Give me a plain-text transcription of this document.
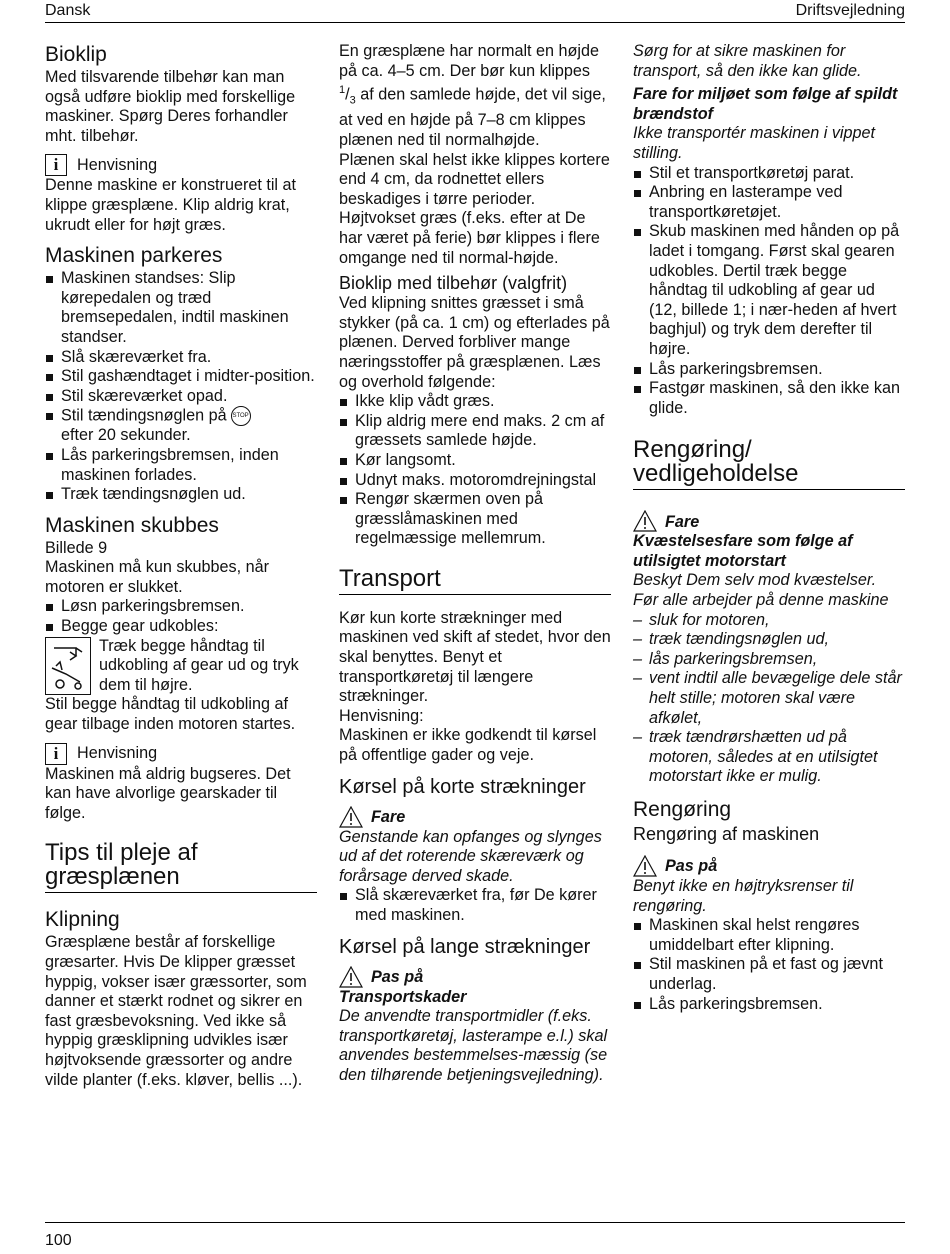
Dansk	Driftsvejledning
Bioklip

Med tilsvarende tilbehør kan man også udføre bioklip med forskellige maskiner. Spørg Deres forhandler mht. tilbehør.

i	Henvisning

Denne maskine er konstrueret til at klippe græsplæne. Klip aldrig krat, ukrudt eller for højt græs.

Maskinen parkeres
Maskinen standses: Slip kørepedalen og træd bremsepedalen, indtil maskinen standser.
Slå skæreværket fra.
Stil gashændtaget i midter-position.
Stil skæreværket opad.
Stil tændingsnøglen på STOP
efter 20 sekunder.
Lås parkeringsbremsen, inden maskinen forlades.
Træk tændingsnøglen ud.
Maskinen skubbes

Billede 9

Maskinen må kun skubbes, når motoren er slukket.

Løsn parkeringsbremsen.
Begge gear udkobles:

Træk begge håndtag til udkobling af gear ud og tryk dem til højre.

Stil begge håndtag til udkobling af gear tilbage inden motoren startes.

i	Henvisning

Maskinen må aldrig bugseres. Det kan have alvorlige gearskader til følge.

Tips til pleje af græsplænen
Klipning

Græsplæne består af forskellige græsarter. Hvis De klipper græsset hyppig, vokser især græssorter, som danner et stærkt rodnet og sikrer en fast græsbevoksning. Ved ikke så hyppig græsklipning udvikles især højtvoksende græssorter og andre vilde planter (f.eks. kløver, bellis ...).

En græsplæne har normalt en højde på ca. 4–5 cm. Der bør kun klippes $^1/_3$ af den samlede højde, det vil sige, at ved en højde på 7–8 cm klippes plænen ned til normalhøjde.

Plænen skal helst ikke klippes kortere end 4 cm, da rodnettet ellers beskadiges i tørre perioder. Højtvokset græs (f.eks. efter at De har været på ferie) bør klippes i flere omgange ned til normal-højde.

Bioklip med tilbehør (valgfrit)

Ved klipning snittes græsset i små stykker (på ca. 1 cm) og efterlades på plænen. Derved forbliver mange næringsstoffer på græsplænen. Læs og overhold følgende:

Ikke klip vådt græs.
Klip aldrig mere end maks. 2 cm af græssets samlede højde.
Kør langsomt.
Udnyt maks. motoromdrejningstal
Rengør skærmen oven på græsslåmaskinen med regelmæssige mellemrum.
Transport

Kør kun korte strækninger med maskinen ved skift af stedet, hvor den skal benyttes. Benyt et transportkøretøj til længere strækninger.

Henvisning:

Maskinen er ikke godkendt til kørsel på offentlige gader og veje.

Kørsel på korte strækninger
Fare

Genstande kan opfanges og slynges ud af det roterende skæreværk og forårsage derved skade.

Slå skæreværket fra, før De kører med maskinen.
Kørsel på lange strækninger
Pas på

Transportskader

De anvendte transportmidler (f.eks. transportkøretøj, lasterampe e.l.) skal anvendes bestemmelses-mæssig (se den tilhørende betjeningsvejledning).

Sørg for at sikre maskinen for transport, så den ikke kan glide.

Fare for miljøet som følge af spildt brændstof

Ikke transportér maskinen i vippet stilling.

Stil et transportkøretøj parat.
Anbring en lasterampe ved transportkøretøjet.
Skub maskinen med hånden op på ladet i tomgang. Først skal gearen udkobles. Dertil træk begge håndtag til udkobling af gear ud (12, billede 1; i nær-heden af hvert baghjul) og tryk dem derefter til højre.
Lås parkeringsbremsen.
Fastgør maskinen, så den ikke kan glide.
Rengøring/ vedligeholdelse
Fare

Kvæstelsesfare som følge af utilsigtet motorstart

Beskyt Dem selv mod kvæstelser. Før alle arbejder på denne maskine

– sluk for motoren,
– træk tændingsnøglen ud,
– lås parkeringsbremsen,
– vent indtil alle bevægelige dele står helt stille; motoren skal være afkølet,
– træk tændrørshætten ud på motoren, således at en utilsigtet motorstart ikke er mulig.
Rengøring
Rengøring af maskinen
Pas på

Benyt ikke en højtryksrenser til rengøring.

Maskinen skal helst rengøres umiddelbart efter klipning.
Stil maskinen på et fast og jævnt underlag.
Lås parkeringsbremsen.
100
